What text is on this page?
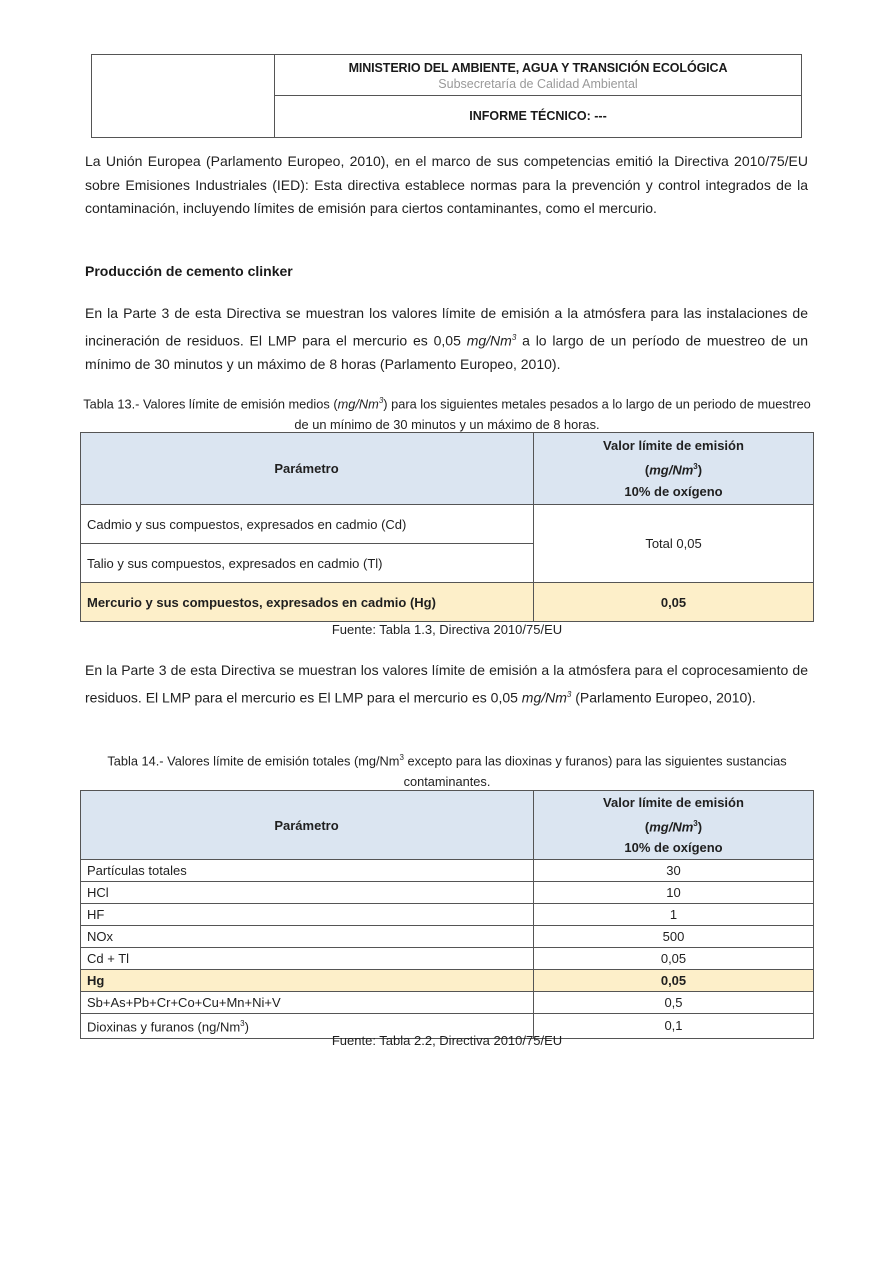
MINISTERIO DEL AMBIENTE, AGUA Y TRANSICIÓN ECOLÓGICA
Subsecretaría de Calidad Ambiental
INFORME TÉCNICO: ---
La Unión Europea (Parlamento Europeo, 2010), en el marco de sus competencias emitió la Directiva 2010/75/EU sobre Emisiones Industriales (IED): Esta directiva establece normas para la prevención y control integrados de la contaminación, incluyendo límites de emisión para ciertos contaminantes, como el mercurio.
Producción de cemento clinker
En la Parte 3 de esta Directiva se muestran los valores límite de emisión a la atmósfera para las instalaciones de incineración de residuos. El LMP para el mercurio es 0,05 mg/Nm$^3$ a lo largo de un período de muestreo de un mínimo de 30 minutos y un máximo de 8 horas (Parlamento Europeo, 2010).
Tabla 13.- Valores límite de emisión medios (mg/Nm$^3$) para los siguientes metales pesados a lo largo de un periodo de muestreo de un mínimo de 30 minutos y un máximo de 8 horas.
Parámetro	Valor límite de emisión
(mg/Nm$^3$)
10% de oxígeno
Cadmio y sus compuestos, expresados en cadmio (Cd)	Total 0,05
Talio y sus compuestos, expresados en cadmio (Tl)	
Mercurio y sus compuestos, expresados en cadmio (Hg)	0,05
Fuente: Tabla 1.3, Directiva 2010/75/EU
En la Parte 3 de esta Directiva se muestran los valores límite de emisión a la atmósfera para el coprocesamiento de residuos. El LMP para el mercurio es El LMP para el mercurio es 0,05 mg/Nm$^3$ (Parlamento Europeo, 2010).
Tabla 14.- Valores límite de emisión totales (mg/Nm$^3$ excepto para las dioxinas y furanos) para las siguientes sustancias contaminantes.
Parámetro	Valor límite de emisión
(mg/Nm$^3$)
10% de oxígeno
Partículas totales	30
HCl	10
HF	1
NOx	500
Cd + Tl	0,05
Hg	0,05
Sb+As+Pb+Cr+Co+Cu+Mn+Ni+V	0,5
Dioxinas y furanos (ng/Nm$^3$)	0,1
Fuente: Tabla 2.2, Directiva 2010/75/EU
